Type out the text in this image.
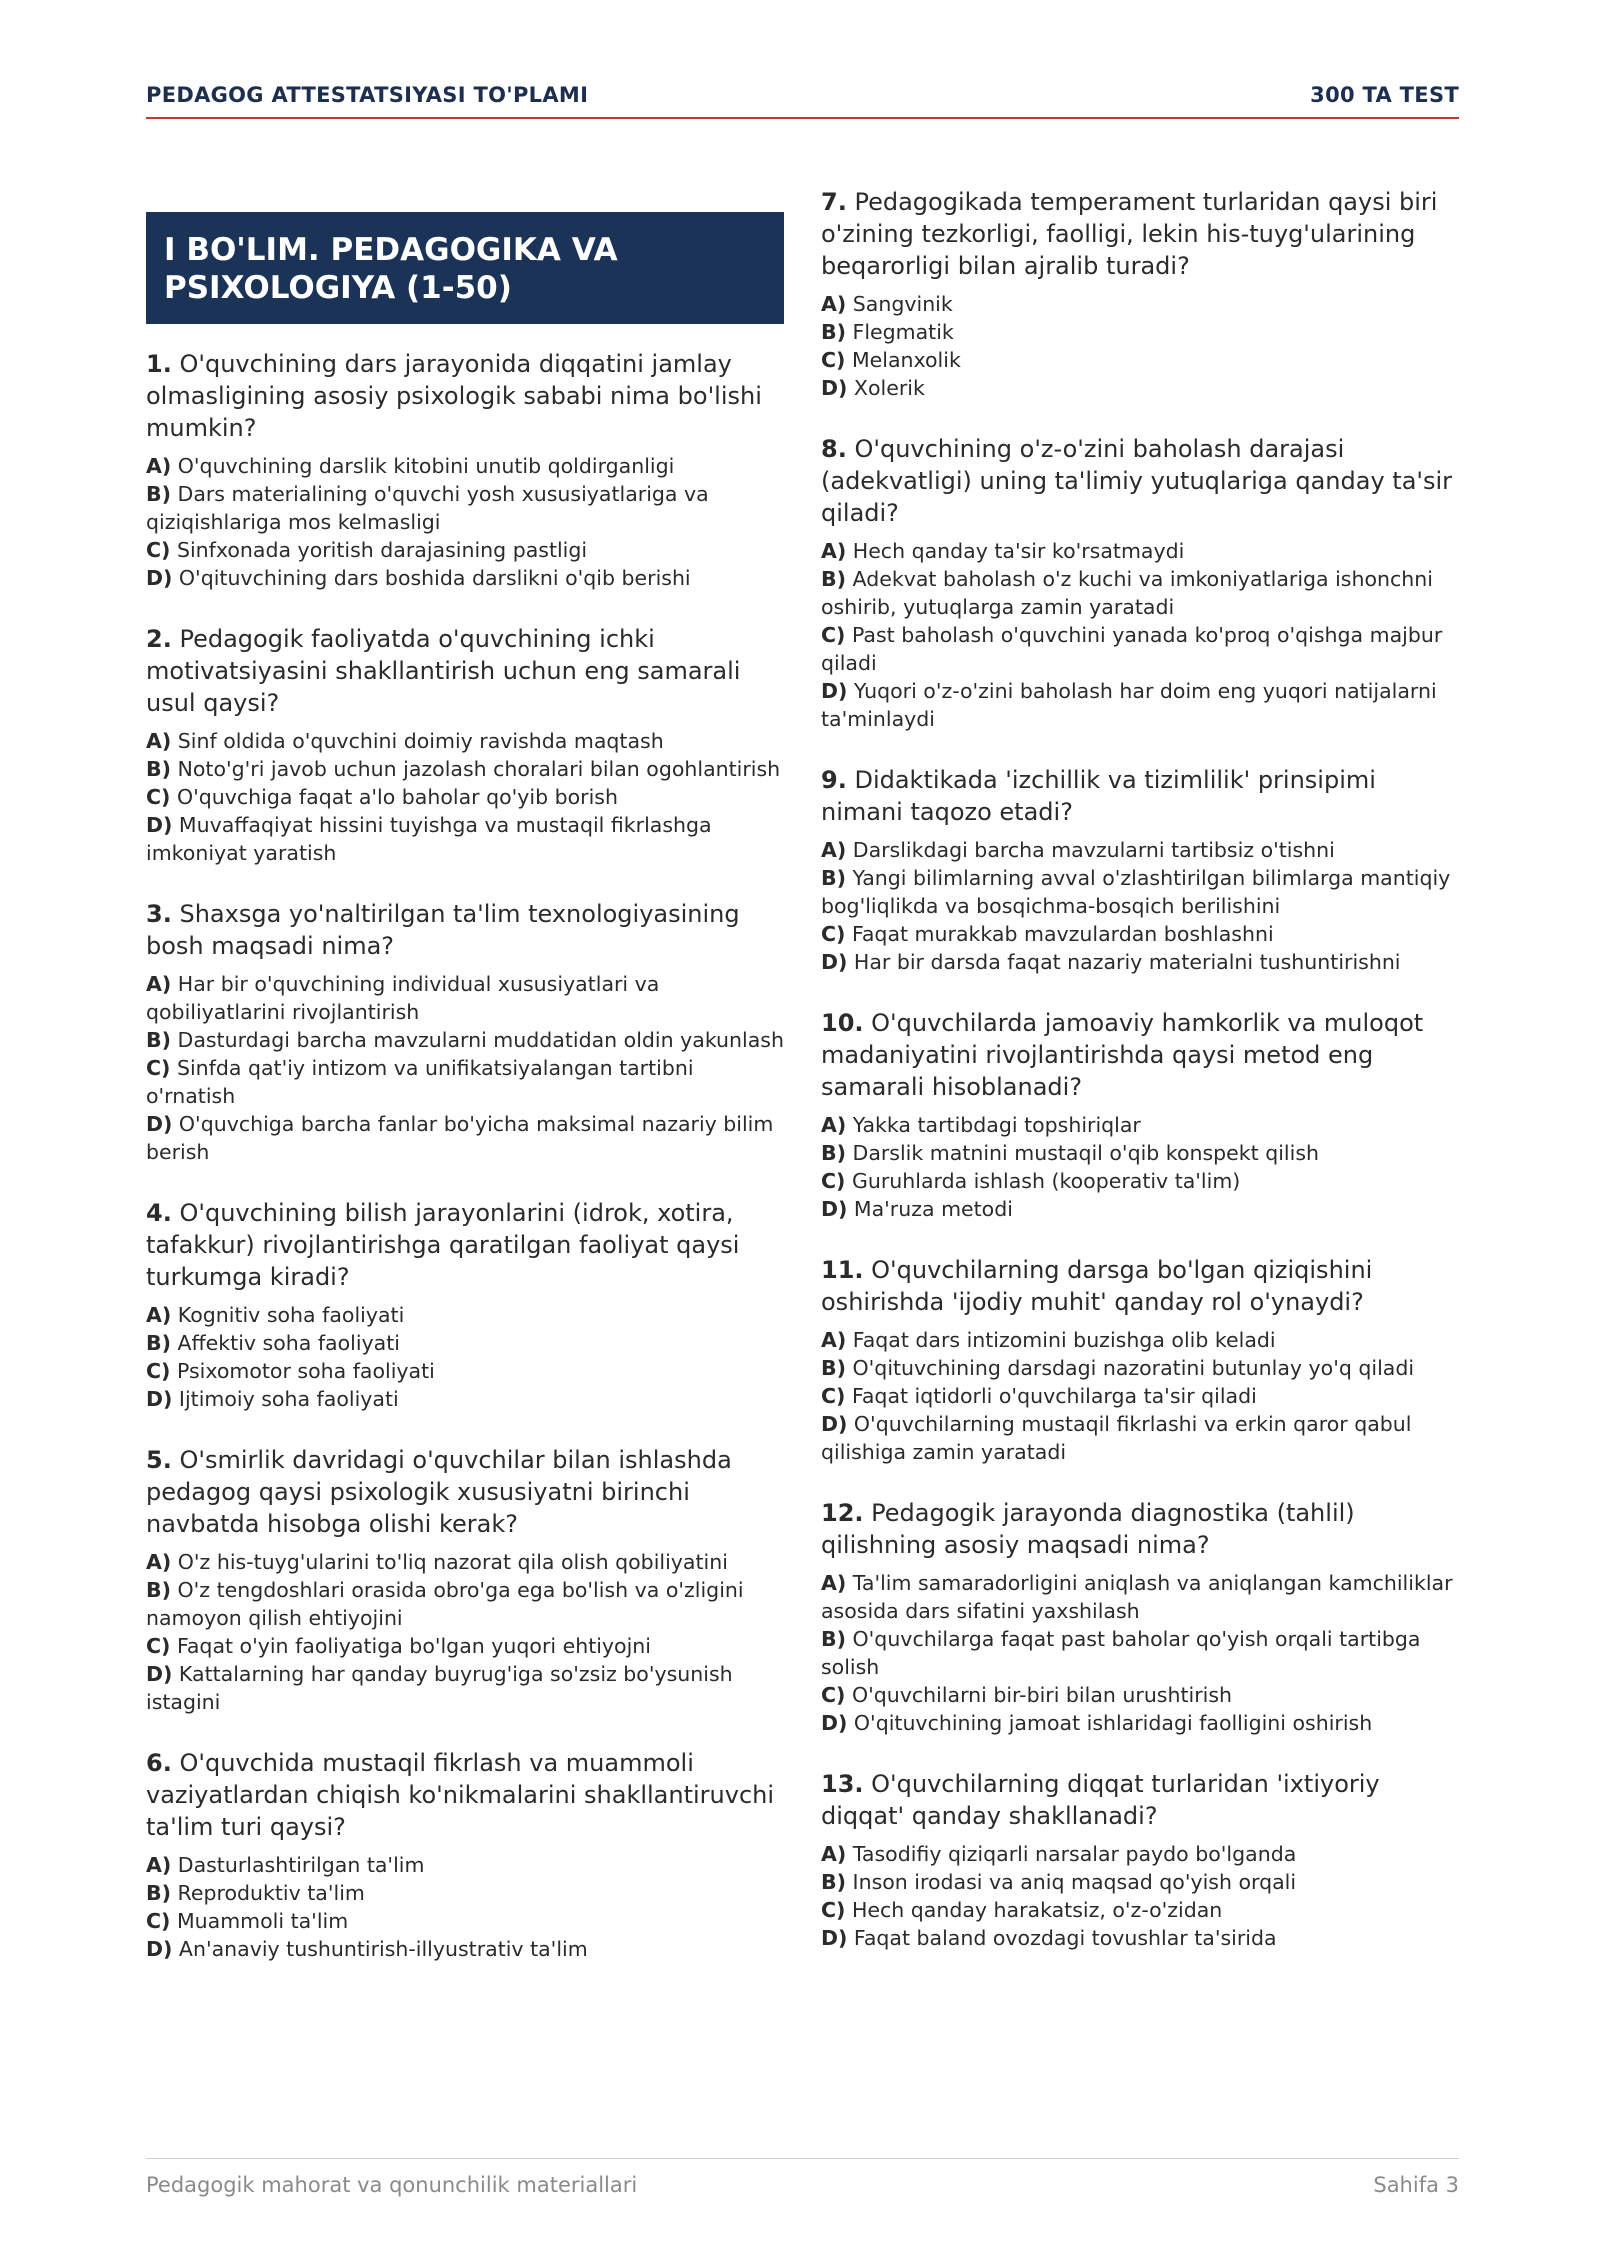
PEDAGOG ATTESTATSIYASI TO'PLAMI	300 TA TEST
I BO'LIM. PEDAGOGIKA VA PSIXOLOGIYA (1-50)
1. O'quvchining dars jarayonida diqqatini jamlay olmasligining asosiy psixologik sababi nima bo'lishi mumkin?
A) O'quvchining darslik kitobini unutib qoldirganligi
B) Dars materialining o'quvchi yosh xususiyatlariga va qiziqishlariga mos kelmasligi
C) Sinfxonada yoritish darajasining pastligi
D) O'qituvchining dars boshida darslikni o'qib berishi
2. Pedagogik faoliyatda o'quvchining ichki motivatsiyasini shakllantirish uchun eng samarali usul qaysi?
A) Sinf oldida o'quvchini doimiy ravishda maqtash
B) Noto'g'ri javob uchun jazolash choralari bilan ogohlantirish
C) O'quvchiga faqat a'lo baholar qo'yib borish
D) Muvaffaqiyat hissini tuyishga va mustaqil fikrlashga imkoniyat yaratish
3. Shaxsga yo'naltirilgan ta'lim texnologiyasining bosh maqsadi nima?
A) Har bir o'quvchining individual xususiyatlari va qobiliyatlarini rivojlantirish
B) Dasturdagi barcha mavzularni muddatidan oldin yakunlash
C) Sinfda qat'iy intizom va unifikatsiyalangan tartibni o'rnatish
D) O'quvchiga barcha fanlar bo'yicha maksimal nazariy bilim berish
4. O'quvchining bilish jarayonlarini (idrok, xotira, tafakkur) rivojlantirishga qaratilgan faoliyat qaysi turkumga kiradi?
A) Kognitiv soha faoliyati
B) Affektiv soha faoliyati
C) Psixomotor soha faoliyati
D) Ijtimoiy soha faoliyati
5. O'smirlik davridagi o'quvchilar bilan ishlashda pedagog qaysi psixologik xususiyatni birinchi navbatda hisobga olishi kerak?
A) O'z his-tuyg'ularini to'liq nazorat qila olish qobiliyatini
B) O'z tengdoshlari orasida obro'ga ega bo'lish va o'zligini namoyon qilish ehtiyojini
C) Faqat o'yin faoliyatiga bo'lgan yuqori ehtiyojni
D) Kattalarning har qanday buyrug'iga so'zsiz bo'ysunish istagini
6. O'quvchida mustaqil fikrlash va muammoli vaziyatlardan chiqish ko'nikmalarini shakllantiruvchi ta'lim turi qaysi?
A) Dasturlashtirilgan ta'lim
B) Reproduktiv ta'lim
C) Muammoli ta'lim
D) An'anaviy tushuntirish-illyustrativ ta'lim
7. Pedagogikada temperament turlaridan qaysi biri o'zining tezkorligi, faolligi, lekin his-tuyg'ularining beqarorligi bilan ajralib turadi?
A) Sangvinik
B) Flegmatik
C) Melanxolik
D) Xolerik
8. O'quvchining o'z-o'zini baholash darajasi (adekvatligi) uning ta'limiy yutuqlariga qanday ta'sir qiladi?
A) Hech qanday ta'sir ko'rsatmaydi
B) Adekvat baholash o'z kuchi va imkoniyatlariga ishonchni oshirib, yutuqlarga zamin yaratadi
C) Past baholash o'quvchini yanada ko'proq o'qishga majbur qiladi
D) Yuqori o'z-o'zini baholash har doim eng yuqori natijalarni ta'minlaydi
9. Didaktikada 'izchillik va tizimlilik' prinsipimi nimani taqozo etadi?
A) Darslikdagi barcha mavzularni tartibsiz o'tishni
B) Yangi bilimlarning avval o'zlashtirilgan bilimlarga mantiqiy bog'liqlikda va bosqichma-bosqich berilishini
C) Faqat murakkab mavzulardan boshlashni
D) Har bir darsda faqat nazariy materialni tushuntirishni
10. O'quvchilarda jamoaviy hamkorlik va muloqot madaniyatini rivojlantirishda qaysi metod eng samarali hisoblanadi?
A) Yakka tartibdagi topshiriqlar
B) Darslik matnini mustaqil o'qib konspekt qilish
C) Guruhlarda ishlash (kooperativ ta'lim)
D) Ma'ruza metodi
11. O'quvchilarning darsga bo'lgan qiziqishini oshirishda 'ijodiy muhit' qanday rol o'ynaydi?
A) Faqat dars intizomini buzishga olib keladi
B) O'qituvchining darsdagi nazoratini butunlay yo'q qiladi
C) Faqat iqtidorli o'quvchilarga ta'sir qiladi
D) O'quvchilarning mustaqil fikrlashi va erkin qaror qabul qilishiga zamin yaratadi
12. Pedagogik jarayonda diagnostika (tahlil) qilishning asosiy maqsadi nima?
A) Ta'lim samaradorligini aniqlash va aniqlangan kamchiliklar asosida dars sifatini yaxshilash
B) O'quvchilarga faqat past baholar qo'yish orqali tartibga solish
C) O'quvchilarni bir-biri bilan urushtirish
D) O'qituvchining jamoat ishlaridagi faolligini oshirish
13. O'quvchilarning diqqat turlaridan 'ixtiyoriy diqqat' qanday shakllanadi?
A) Tasodifiy qiziqarli narsalar paydo bo'lganda
B) Inson irodasi va aniq maqsad qo'yish orqali
C) Hech qanday harakatsiz, o'z-o'zidan
D) Faqat baland ovozdagi tovushlar ta'sirida
Pedagogik mahorat va qonunchilik materiallari	Sahifa 3
